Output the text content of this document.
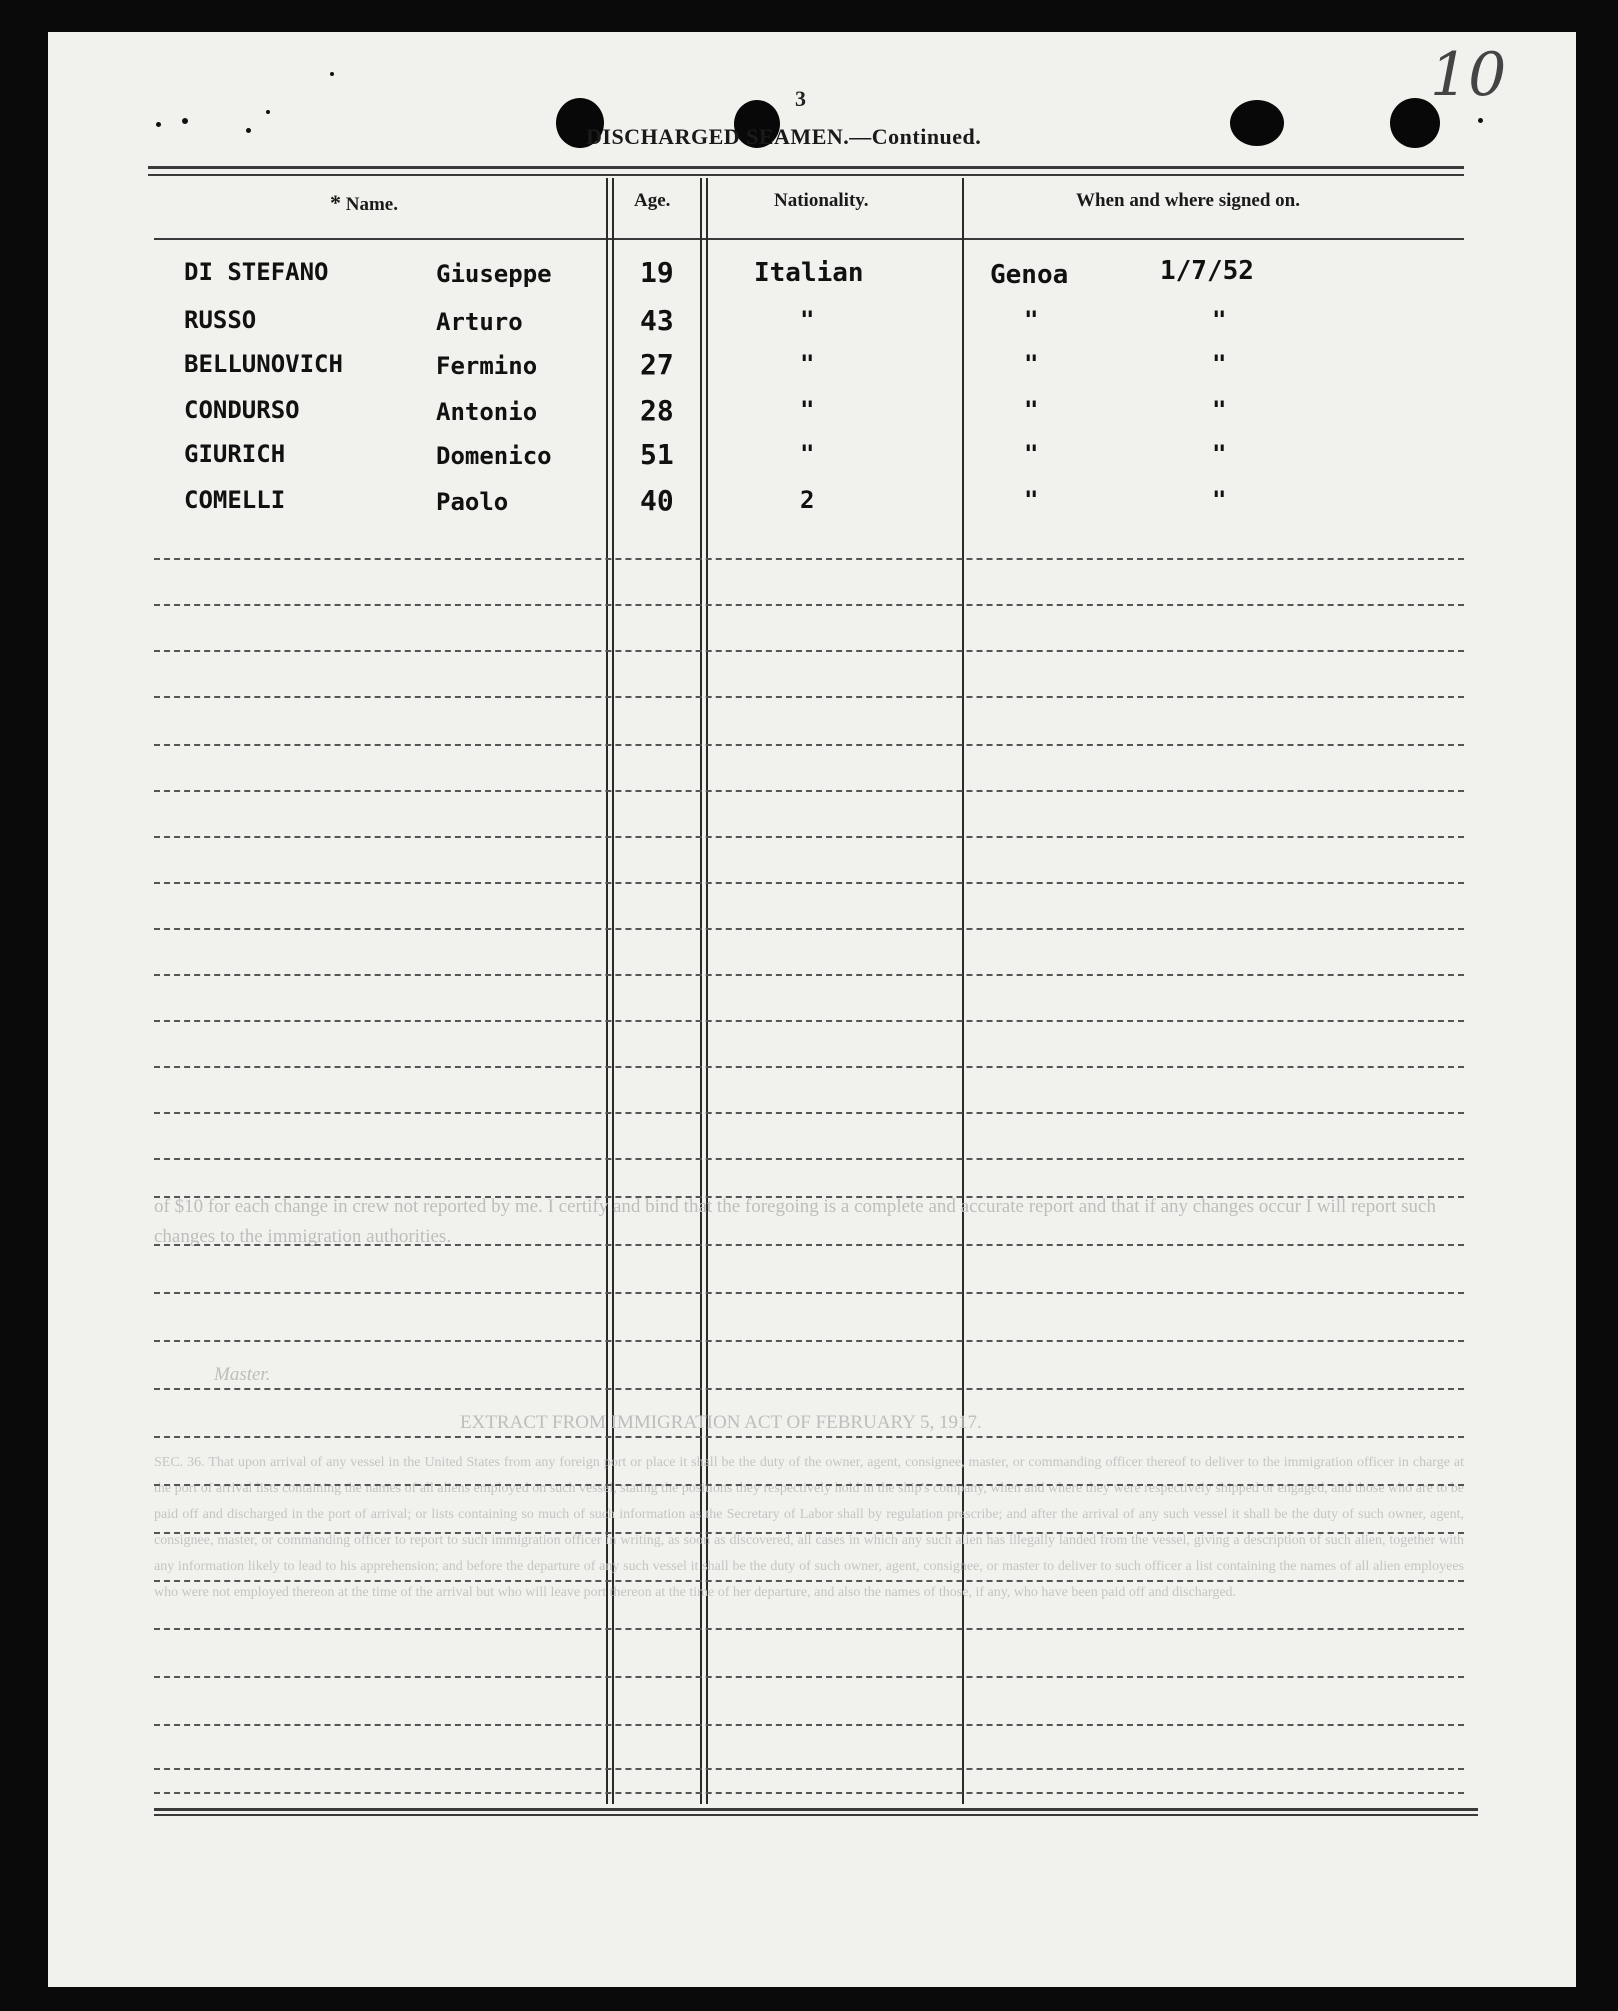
3	10
DISCHARGED SEAMEN.—Continued.
* Name.	Age.	Nationality.	When and where signed on.
DI STEFANO	Giuseppe	19	Italian	Genoa	1/7/52
RUSSO	Arturo	43	"	"	"
BELLUNOVICH	Fermino	27	"	"	"
CONDURSO	Antonio	28	"	"	"
GIURICH	Domenico	51	"	"	"
COMELLI	Paolo	40	2	"	"
of $10 for each change in crew not reported by me. I certify and bind that the foregoing is a complete and accurate report and that if any changes occur I will report such changes to the immigration authorities.
Master.
EXTRACT FROM IMMIGRATION ACT OF FEBRUARY 5, 1917.
SEC. 36. That upon arrival of any vessel in the United States from any foreign port or place it shall be the duty of the owner, agent, consignee, master, or commanding officer thereof to deliver to the immigration officer in charge at the port of arrival lists containing the names of all aliens employed on such vessel, stating the positions they respectively hold in the ship's company, when and where they were respectively shipped or engaged, and those who are to be paid off and discharged in the port of arrival; or lists containing so much of such information as the Secretary of Labor shall by regulation prescribe; and after the arrival of any such vessel it shall be the duty of such owner, agent, consignee, master, or commanding officer to report to such immigration officer in writing, as soon as discovered, all cases in which any such alien has illegally landed from the vessel, giving a description of such alien, together with any information likely to lead to his apprehension; and before the departure of any such vessel it shall be the duty of such owner, agent, consignee, or master to deliver to such officer a list containing the names of all alien employees who were not employed thereon at the time of the arrival but who will leave port thereon at the time of her departure, and also the names of those, if any, who have been paid off and discharged.
